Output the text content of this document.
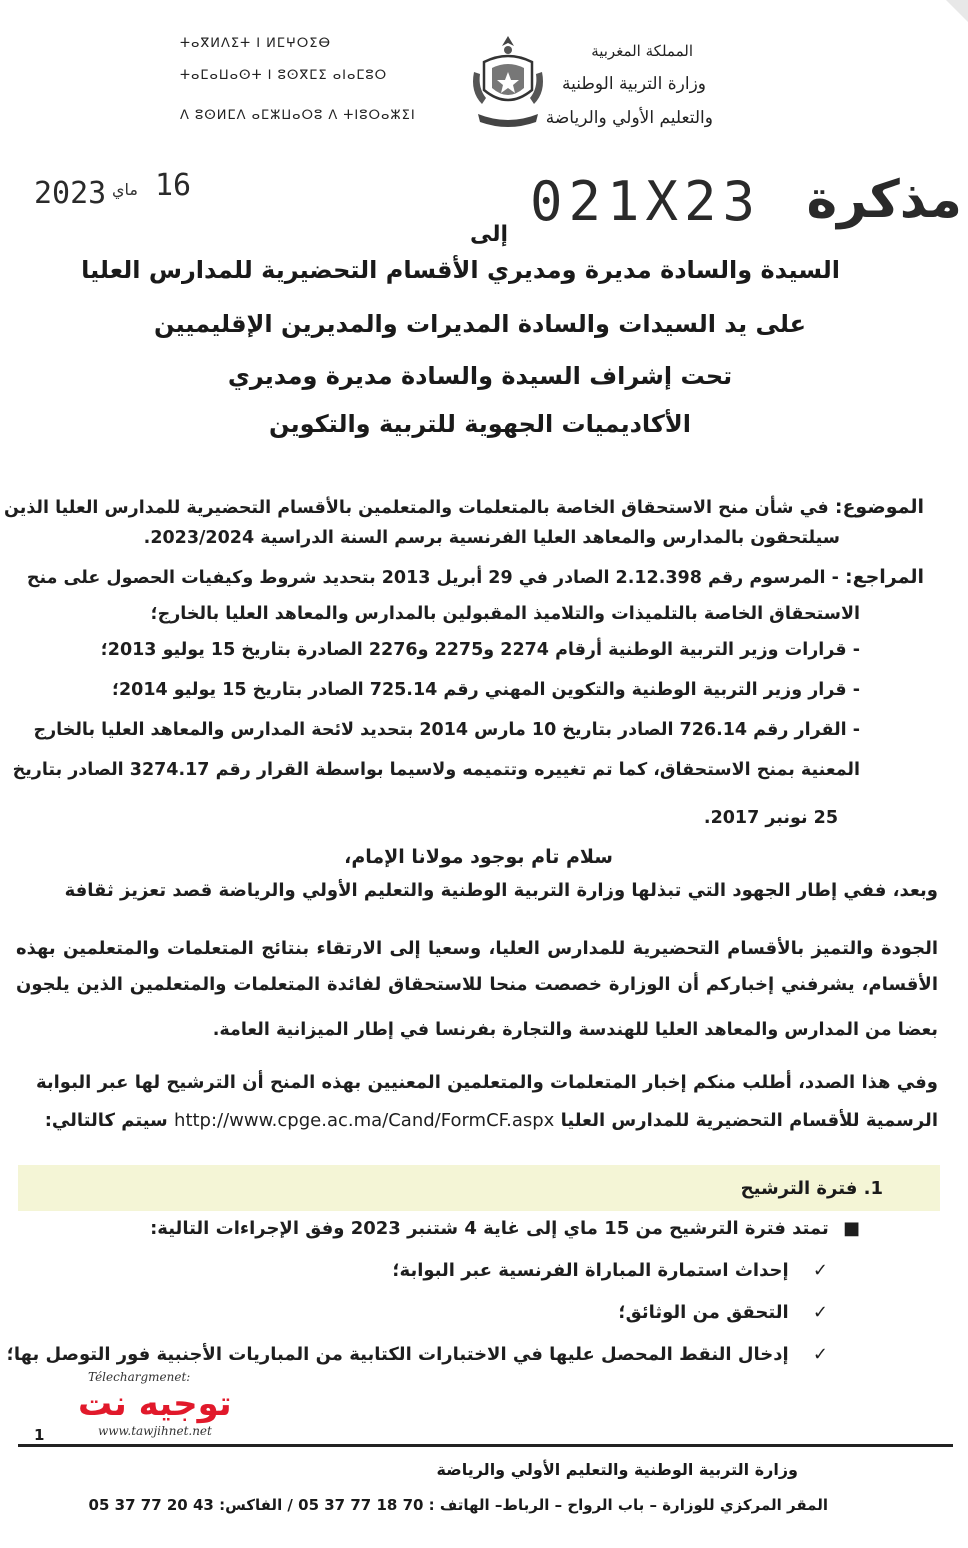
ⵜⴰⴳⵍⴷⵉⵜ ⵏ ⵍⵎⵖⵔⵉⴱ
ⵜⴰⵎⴰⵡⴰⵙⵜ ⵏ ⵓⵙⴳⵎⵉ ⴰⵏⴰⵎⵓⵔ
ⴷ ⵓⵙⵍⵎⴷ ⴰⵎⵣⵡⴰⵔⵓ ⴷ ⵜⵏⵓⵔⴰⵣⵉⵏ
المملكة المغربية
وزارة التربية الوطنية
والتعليم الأولي والرياضة
مذكرة
021X23
2023 ماي 16
إلى
السيدة والسادة مديرة ومديري الأقسام التحضيرية للمدارس العليا
على يد السيدات والسادة المديرات والمديرين الإقليميين
تحت إشراف السيدة والسادة مديرة ومديري
الأكاديميات الجهوية للتربية والتكوين
الموضوع: في شأن منح الاستحقاق الخاصة بالمتعلمات والمتعلمين بالأقسام التحضيرية للمدارس العليا الذين
سيلتحقون بالمدارس والمعاهد العليا الفرنسية برسم السنة الدراسية 2023/2024.
المراجع: - المرسوم رقم 2.12.398 الصادر في 29 أبريل 2013 بتحديد شروط وكيفيات الحصول على منح
الاستحقاق الخاصة بالتلميذات والتلاميذ المقبولين بالمدارس والمعاهد العليا بالخارج؛
- قرارات وزير التربية الوطنية أرقام 2274 و2275 و2276 الصادرة بتاريخ 15 يوليو 2013؛
- قرار وزير التربية الوطنية والتكوين المهني رقم 725.14 الصادر بتاريخ 15 يوليو 2014؛
- القرار رقم 726.14 الصادر بتاريخ 10 مارس 2014 بتحديد لائحة المدارس والمعاهد العليا بالخارج
المعنية بمنح الاستحقاق، كما تم تغييره وتتميمه ولاسيما بواسطة القرار رقم 3274.17 الصادر بتاريخ
25 نونبر 2017.
سلام تام بوجود مولانا الإمام،
وبعد، ففي إطار الجهود التي تبذلها وزارة التربية الوطنية والتعليم الأولي والرياضة قصد تعزيز ثقافة
الجودة والتميز بالأقسام التحضيرية للمدارس العليا، وسعيا إلى الارتقاء بنتائج المتعلمات والمتعلمين بهذه
الأقسام، يشرفني إخباركم أن الوزارة خصصت منحا للاستحقاق لفائدة المتعلمات والمتعلمين الذين يلجون
بعضا من المدارس والمعاهد العليا للهندسة والتجارة بفرنسا في إطار الميزانية العامة.
وفي هذا الصدد، أطلب منكم إخبار المتعلمات والمتعلمين المعنيين بهذه المنح أن الترشيح لها عبر البوابة
الرسمية للأقسام التحضيرية للمدارس العليا http://www.cpge.ac.ma/Cand/FormCF.aspx سيتم كالتالي:
1. فترة الترشيح
■ تمتد فترة الترشيح من 15 ماي إلى غاية 4 شتنبر 2023 وفق الإجراءات التالية:
✓ إحداث استمارة المباراة الفرنسية عبر البوابة؛
✓ التحقق من الوثائق؛
✓ إدخال النقط المحصل عليها في الاختبارات الكتابية من المباريات الأجنبية فور التوصل بها؛
Télechargmenet:
توجيه نت
www.tawjihnet.net
1
وزارة التربية الوطنية والتعليم الأولي والرياضة
المقر المركزي للوزارة – باب الرواح – الرباط– الهاتف : 70 18 77 37 05 / الفاكس: 43 20 77 37 05
